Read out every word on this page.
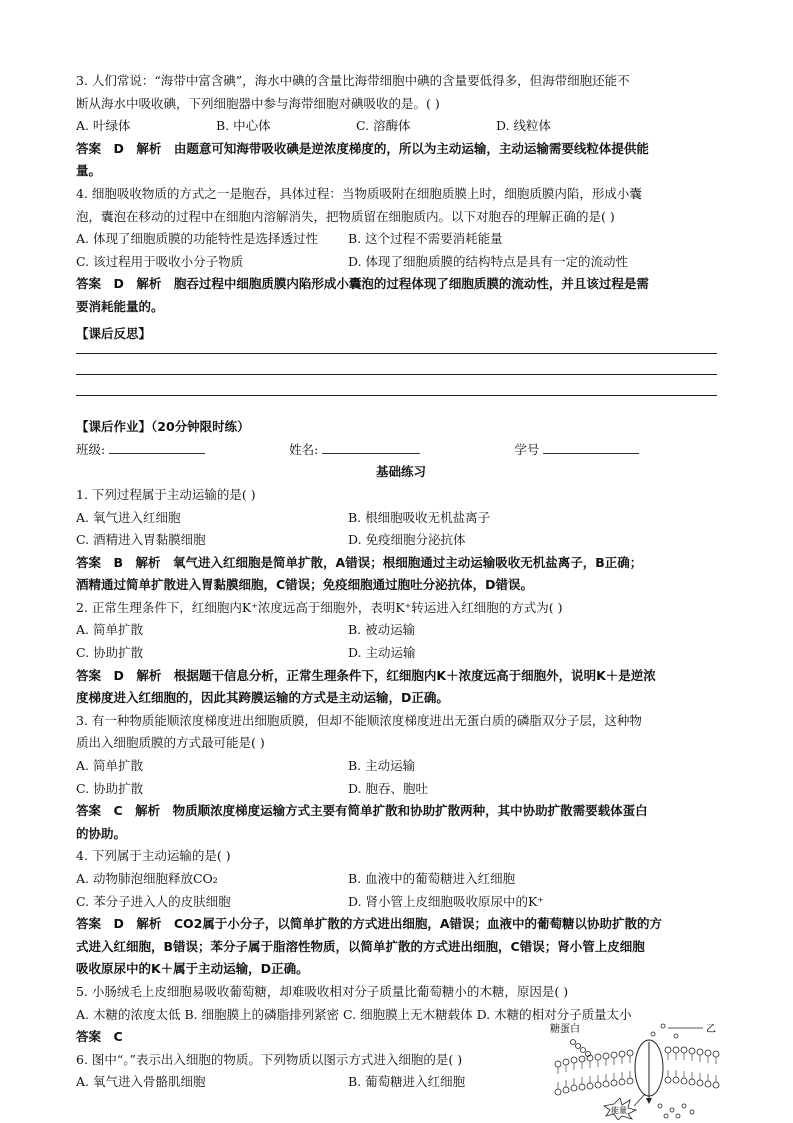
3. 人们常说：“海带中富含碘”，海水中碘的含量比海带细胞中碘的含量要低得多，但海带细胞还能不
断从海水中吸收碘，下列细胞器中参与海带细胞对碘吸收的是。( )
A. 叶绿体	B. 中心体	C. 溶酶体	D. 线粒体
答案　D　解析　由题意可知海带吸收碘是逆浓度梯度的，所以为主动运输，主动运输需要线粒体提供能
量。
4. 细胞吸收物质的方式之一是胞吞，具体过程：当物质吸附在细胞质膜上时，细胞质膜内陷，形成小囊
泡，囊泡在移动的过程中在细胞内溶解消失，把物质留在细胞质内。以下对胞吞的理解正确的是( )
A. 体现了细胞质膜的功能特性是选择透过性	B. 这个过程不需要消耗能量
C. 该过程用于吸收小分子物质	D. 体现了细胞质膜的结构特点是具有一定的流动性
答案　D　解析　胞吞过程中细胞质膜内陷形成小囊泡的过程体现了细胞质膜的流动性，并且该过程是需
要消耗能量的。
【课后反思】
【课后作业】（20分钟限时练）
班级:	姓名:	学号
基础练习
1. 下列过程属于主动运输的是( )
A. 氧气进入红细胞	B. 根细胞吸收无机盐离子
C. 酒精进入胃黏膜细胞	D. 免疫细胞分泌抗体
答案　B　解析　氧气进入红细胞是简单扩散，A错误；根细胞通过主动运输吸收无机盐离子，B正确；
酒精通过简单扩散进入胃黏膜细胞，C错误；免疫细胞通过胞吐分泌抗体，D错误。
2. 正常生理条件下，红细胞内K⁺浓度远高于细胞外，表明K⁺转运进入红细胞的方式为( )
A. 简单扩散	B. 被动运输
C. 协助扩散	D. 主动运输
答案　D　解析　根据题干信息分析，正常生理条件下，红细胞内K＋浓度远高于细胞外，说明K＋是逆浓
度梯度进入红细胞的，因此其跨膜运输的方式是主动运输，D正确。
3. 有一种物质能顺浓度梯度进出细胞质膜，但却不能顺浓度梯度进出无蛋白质的磷脂双分子层，这种物
质出入细胞质膜的方式最可能是( )
A. 简单扩散	B. 主动运输
C. 协助扩散	D. 胞吞、胞吐
答案　C　解析　物质顺浓度梯度运输方式主要有简单扩散和协助扩散两种，其中协助扩散需要载体蛋白
的协助。
4. 下列属于主动运输的是( )
A. 动物肺泡细胞释放CO₂	B. 血液中的葡萄糖进入红细胞
C. 苯分子进入人的皮肤细胞	D. 肾小管上皮细胞吸收原尿中的K⁺
答案　D　解析　CO2属于小分子，以简单扩散的方式进出细胞，A错误；血液中的葡萄糖以协助扩散的方
式进入红细胞，B错误；苯分子属于脂溶性物质，以简单扩散的方式进出细胞，C错误；肾小管上皮细胞
吸收原尿中的K＋属于主动运输，D正确。
5. 小肠绒毛上皮细胞易吸收葡萄糖，却难吸收相对分子质量比葡萄糖小的木糖，原因是( )
A. 木糖的浓度太低 B. 细胞膜上的磷脂排列紧密 C. 细胞膜上无木糖载体 D. 木糖的相对分子质量太小
答案　C
6. 图中“。”表示出入细胞的物质。下列物质以图示方式进入细胞的是( )
A. 氧气进入骨骼肌细胞	B. 葡萄糖进入红细胞
糖蛋白	乙
能量
